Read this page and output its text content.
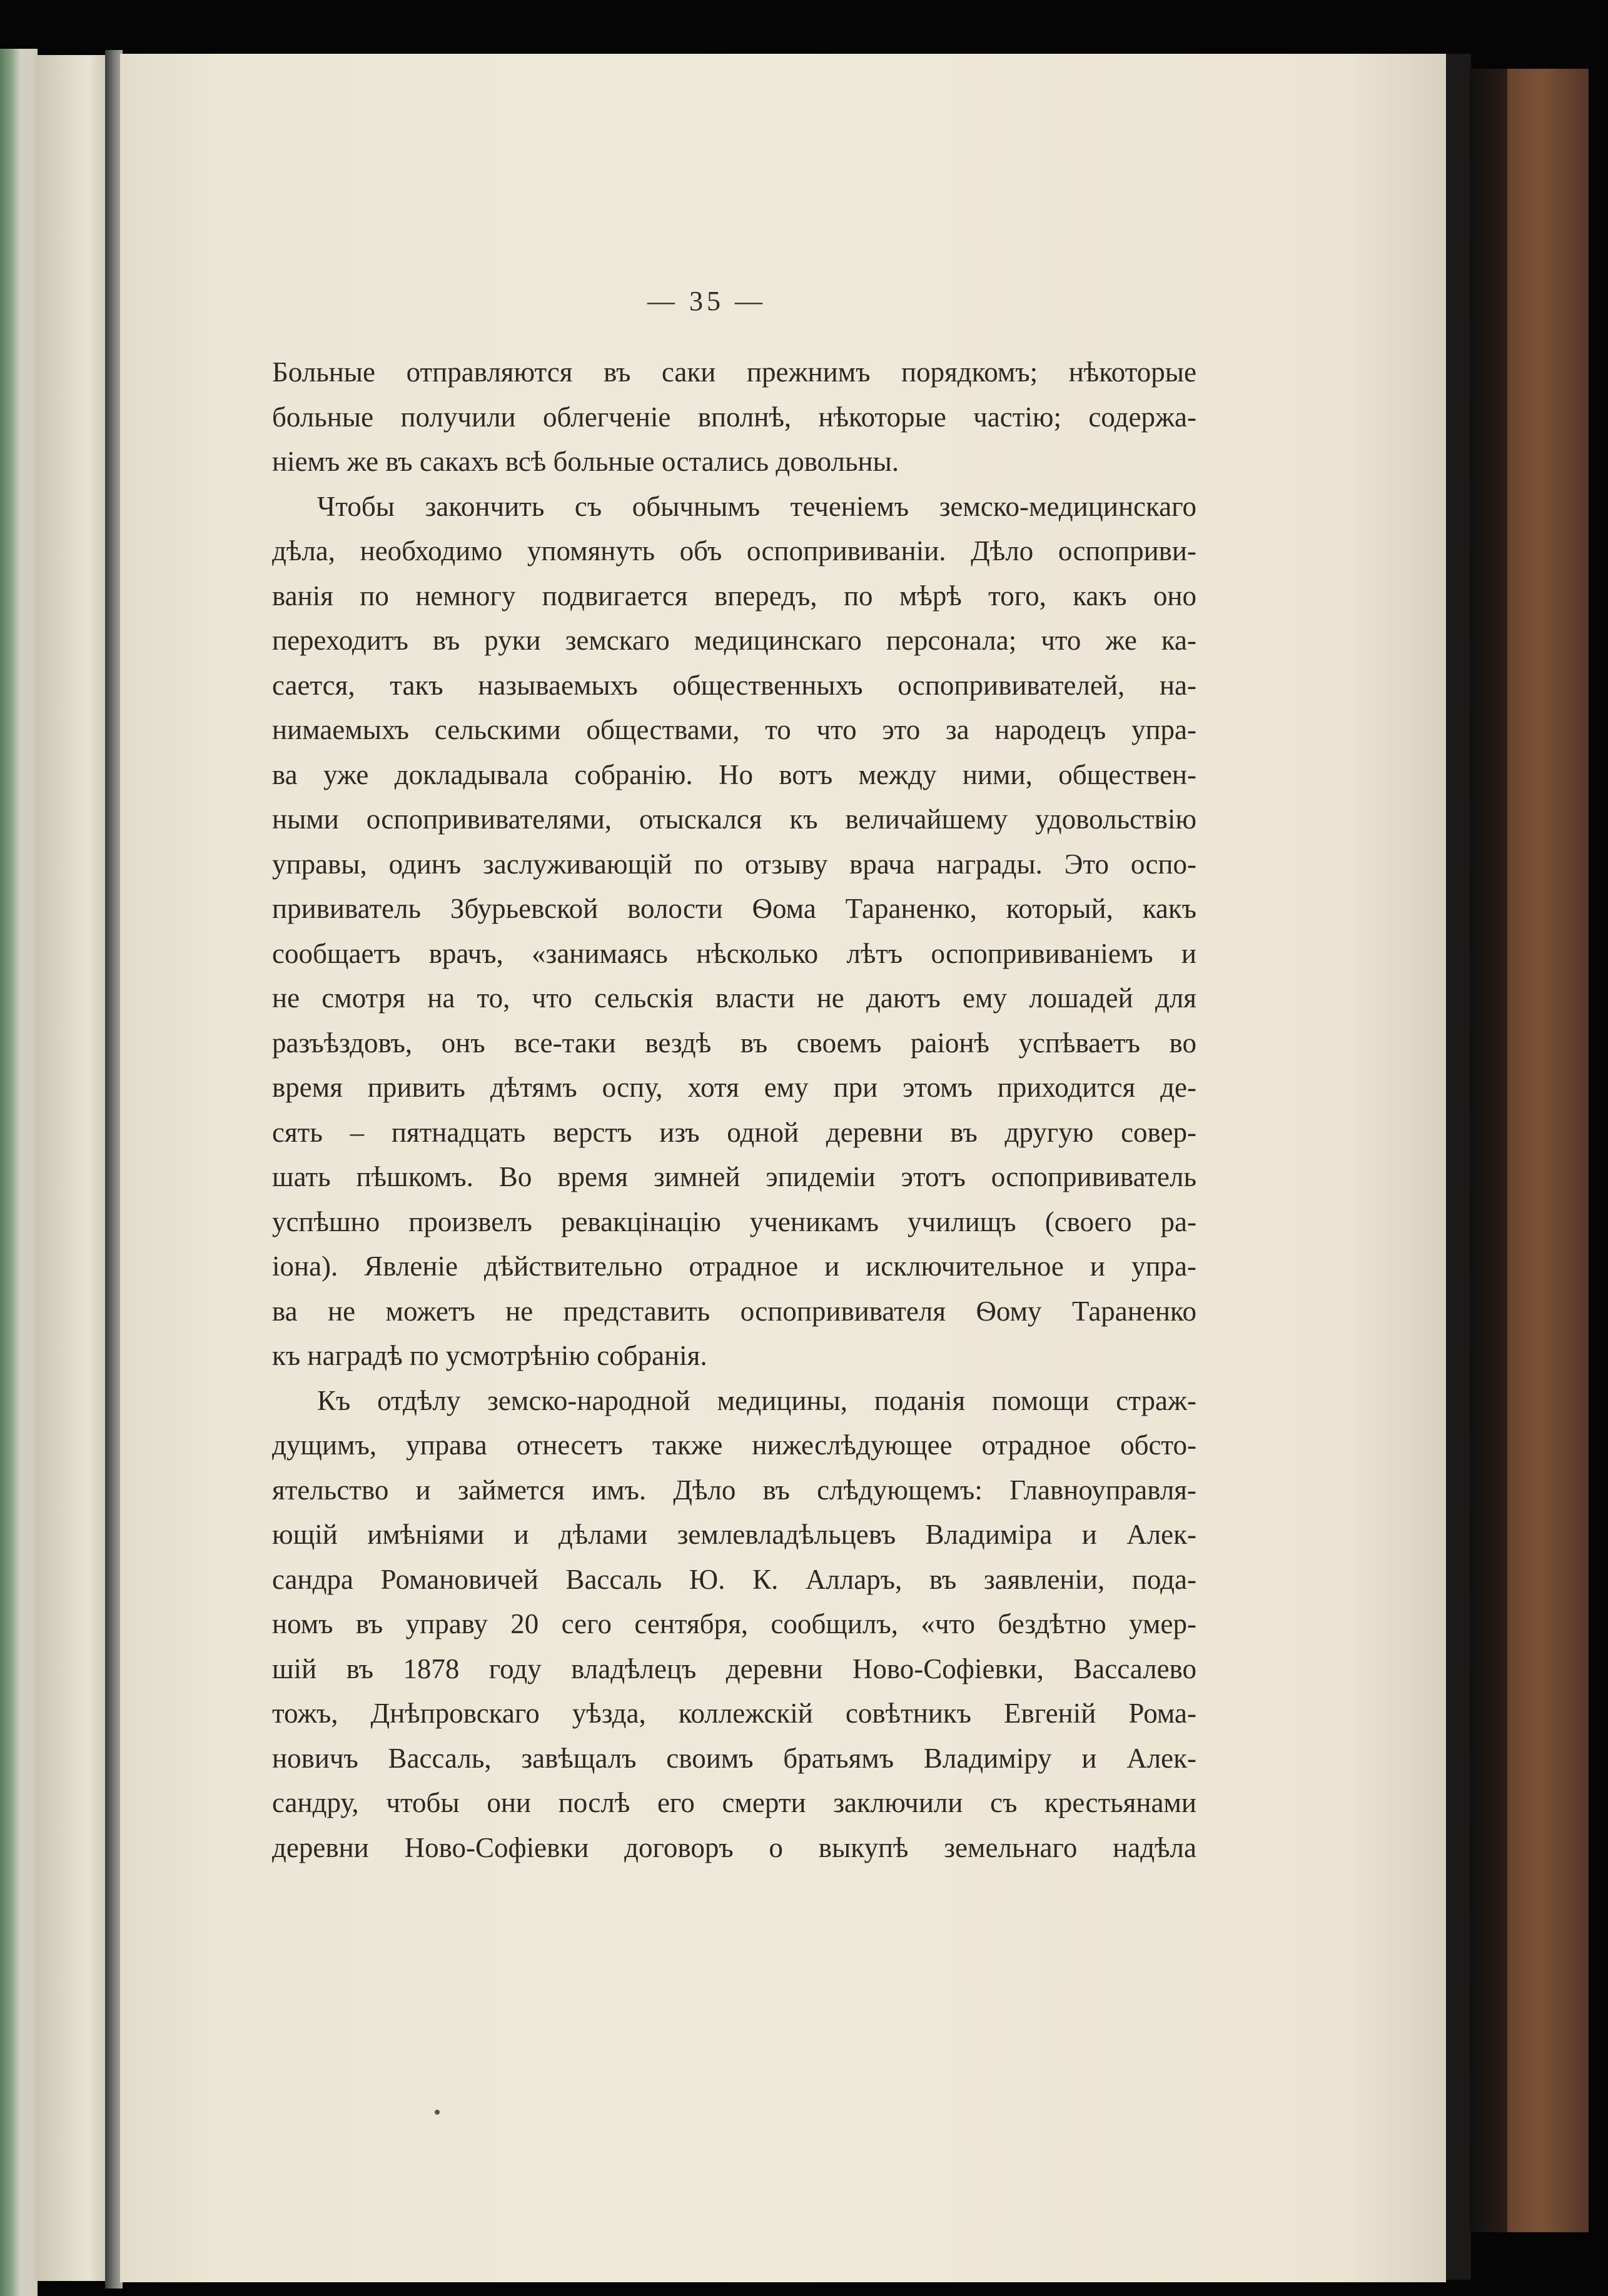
— 35 —
Больные отправляются въ саки прежнимъ порядкомъ; нѣкоторые
больные получили облегченіе вполнѣ, нѣкоторые частію; содержа-
ніемъ же въ сакахъ всѣ больные остались довольны.
Чтобы закончить съ обычнымъ теченіемъ земско-медицинскаго
дѣла, необходимо упомянуть объ оспопрививаніи. Дѣло оспоприви-
ванія по немногу подвигается впередъ, по мѣрѣ того, какъ оно
переходитъ въ руки земскаго медицинскаго персонала; что же ка-
сается, такъ называемыхъ общественныхъ оспопрививателей, на-
нимаемыхъ сельскими обществами, то что это за народецъ упра-
ва уже докладывала собранію. Но вотъ между ними, обществен-
ными оспопрививателями, отыскался къ величайшему удовольствію
управы, одинъ заслуживающій по отзыву врача награды. Это оспо-
прививатель Збурьевской волости Ѳома Тараненко, который, какъ
сообщаетъ врачъ, «занимаясь нѣсколько лѣтъ оспопрививаніемъ и
не смотря на то, что сельскія власти не даютъ ему лошадей для
разъѣздовъ, онъ все-таки вездѣ въ своемъ раіонѣ успѣваетъ во
время привить дѣтямъ оспу, хотя ему при этомъ приходится де-
сять – пятнадцать верстъ изъ одной деревни въ другую совер-
шать пѣшкомъ. Во время зимней эпидеміи этотъ оспопрививатель
успѣшно произвелъ ревакцінацію ученикамъ училищъ (своего ра-
іона). Явленіе дѣйствительно отрадное и исключительное и упра-
ва не можетъ не представить оспопрививателя Ѳому Тараненко
къ наградѣ по усмотрѣнію собранія.
Къ отдѣлу земско-народной медицины, поданія помощи страж-
дущимъ, управа отнесетъ также нижеслѣдующее отрадное обсто-
ятельство и займется имъ. Дѣло въ слѣдующемъ: Главноуправля-
ющій имѣніями и дѣлами землевладѣльцевъ Владиміра и Алек-
сандра Романовичей Вассаль Ю. К. Алларъ, въ заявленіи, пода-
номъ въ управу 20 сего сентября, сообщилъ, «что бездѣтно умер-
шій въ 1878 году владѣлецъ деревни Ново-Софіевки, Вассалево
тожъ, Днѣпровскаго уѣзда, коллежскій совѣтникъ Евгеній Рома-
новичъ Вассаль, завѣщалъ своимъ братьямъ Владиміру и Алек-
сандру, чтобы они послѣ его смерти заключили съ крестьянами
деревни Ново-Софіевки договоръ о выкупѣ земельнаго надѣла
